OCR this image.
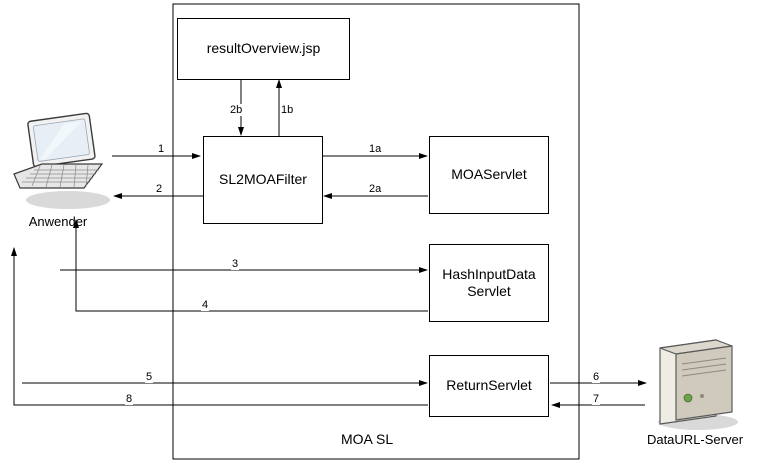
Anwender
DataURL-Server
resultOverview.jsp
SL2MOAFilter	MOAServlet
HashInputData Servlet
ReturnServlet
MOA SL
1
2
1a
2a
1b
2b
3
4
5
8
6
7
